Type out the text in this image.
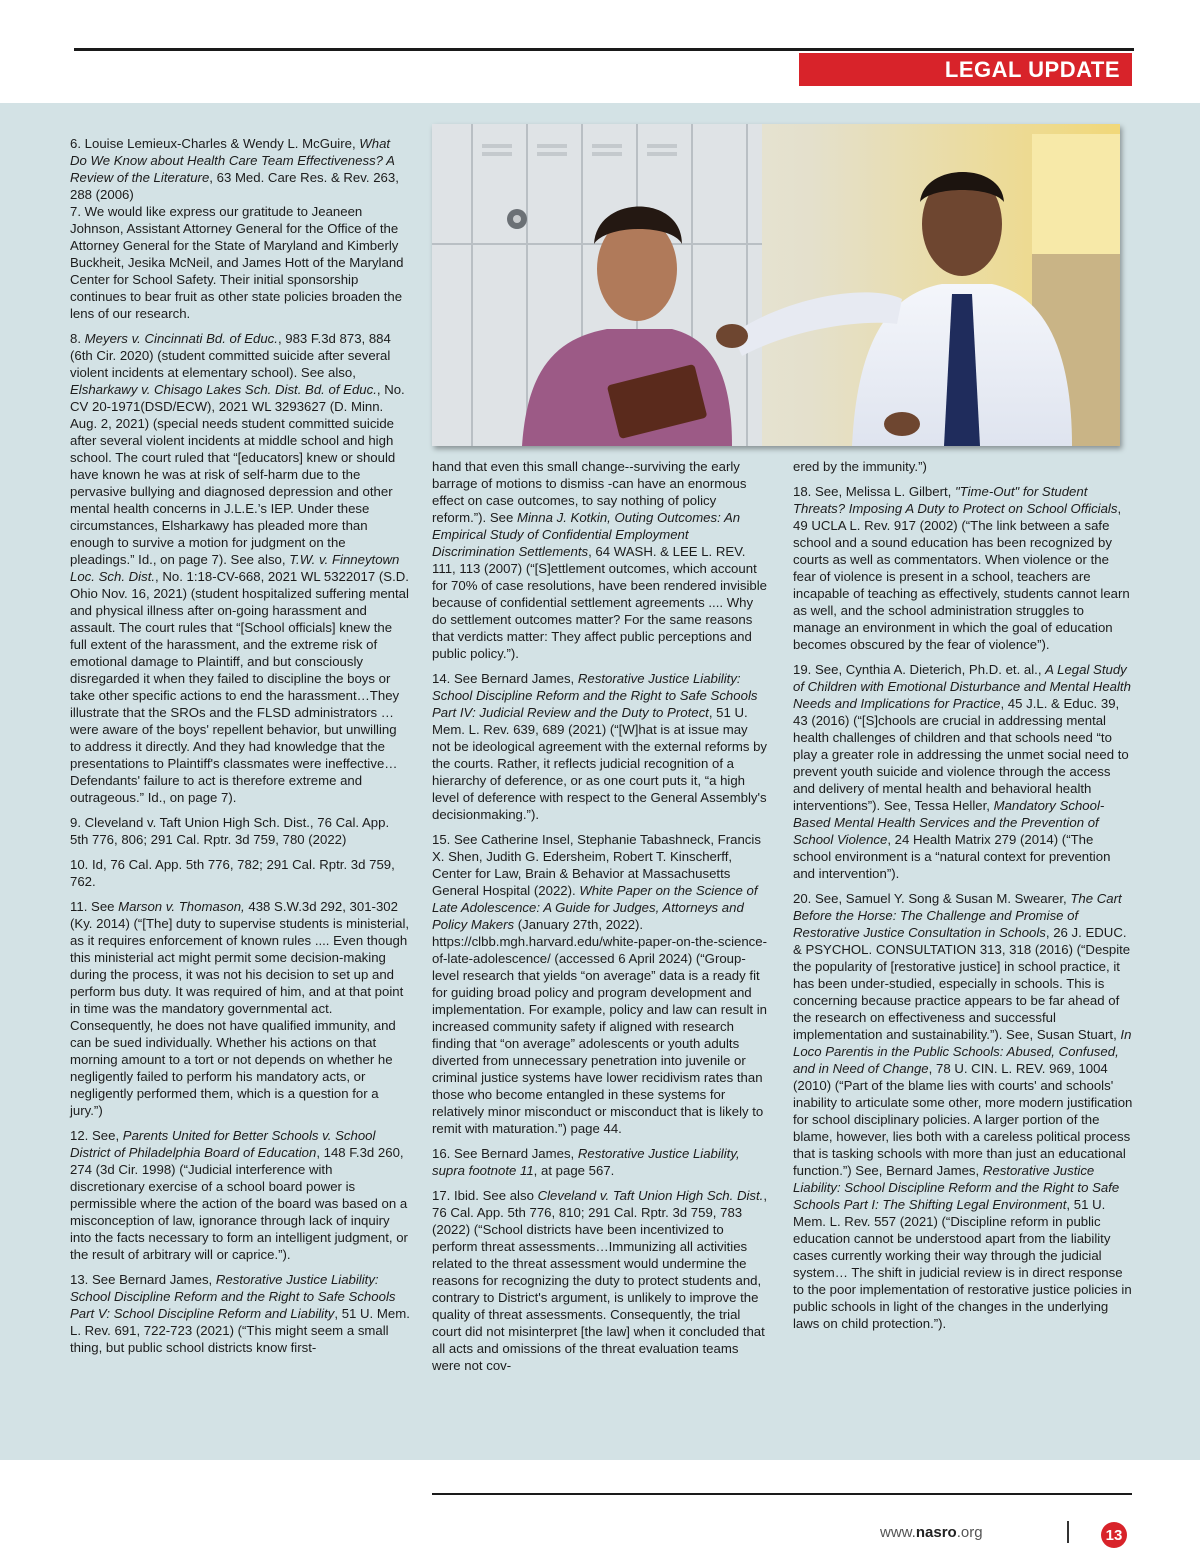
LEGAL UPDATE

6. Louise Lemieux-Charles & Wendy L. McGuire, What Do We Know about Health Care Team Effectiveness? A Review of the Literature, 63 Med. Care Res. & Rev. 263, 288 (2006)
7. We would like express our gratitude to Jeaneen Johnson, Assistant Attorney General for the Office of the Attorney General for the State of Maryland and Kimberly Buckheit, Jesika McNeil, and James Hott of the Maryland Center for School Safety. Their initial sponsorship continues to bear fruit as other state policies broaden the lens of our research.

8. Meyers v. Cincinnati Bd. of Educ., 983 F.3d 873, 884 (6th Cir. 2020) (student committed suicide after several violent incidents at elementary school). See also, Elsharkawy v. Chisago Lakes Sch. Dist. Bd. of Educ., No. CV 20-1971(DSD/ECW), 2021 WL 3293627 (D. Minn. Aug. 2, 2021) (special needs student committed suicide after several violent incidents at middle school and high school. The court ruled that “[educators] knew or should have known he was at risk of self-harm due to the pervasive bullying and diagnosed depression and other mental health concerns in J.L.E.’s IEP. Under these circumstances, Elsharkawy has pleaded more than enough to survive a motion for judgment on the pleadings.” Id., on page 7). See also, T.W. v. Finneytown Loc. Sch. Dist., No. 1:18-CV-668, 2021 WL 5322017 (S.D. Ohio Nov. 16, 2021) (student hospitalized suffering mental and physical illness after on-going harassment and assault. The court rules that “[School officials] knew the full extent of the harassment, and the extreme risk of emotional damage to Plaintiff, and but consciously disregarded it when they failed to discipline the boys or take other specific actions to end the harassment…They illustrate that the SROs and the FLSD administrators … were aware of the boys' repellent behavior, but unwilling to address it directly. And they had knowledge that the presentations to Plaintiff's classmates were ineffective…Defendants' failure to act is therefore extreme and outrageous.” Id., on page 7).

9. Cleveland v. Taft Union High Sch. Dist., 76 Cal. App. 5th 776, 806; 291 Cal. Rptr. 3d 759, 780 (2022)

10. Id, 76 Cal. App. 5th 776, 782; 291 Cal. Rptr. 3d 759, 762.

11. See Marson v. Thomason, 438 S.W.3d 292, 301-302 (Ky. 2014) (“[The] duty to supervise students is ministerial, as it requires enforcement of known rules .... Even though this ministerial act might permit some decision-making during the process, it was not his decision to set up and perform bus duty. It was required of him, and at that point in time was the mandatory governmental act. Consequently, he does not have qualified immunity, and can be sued individually. Whether his actions on that morning amount to a tort or not depends on whether he negligently failed to perform his mandatory acts, or negligently performed them, which is a question for a jury.”)

12. See, Parents United for Better Schools v. School District of Philadelphia Board of Education, 148 F.3d 260, 274 (3d Cir. 1998) (“Judicial interference with discretionary exercise of a school board power is permissible where the action of the board was based on a misconception of law, ignorance through lack of inquiry into the facts necessary to form an intelligent judgment, or the result of arbitrary will or caprice.”).

13. See Bernard James, Restorative Justice Liability: School Discipline Reform and the Right to Safe Schools Part V: School Discipline Reform and Liability, 51 U. Mem. L. Rev. 691, 722-723 (2021) (“This might seem a small thing, but public school districts know first-

hand that even this small change--surviving the early barrage of motions to dismiss -can have an enormous effect on case outcomes, to say nothing of policy reform.”). See Minna J. Kotkin, Outing Outcomes: An Empirical Study of Confidential Employment Discrimination Settlements, 64 WASH. & LEE L. REV. 111, 113 (2007) (“[S]ettlement outcomes, which account for 70% of case resolutions, have been rendered invisible because of confidential settlement agreements .... Why do settlement outcomes matter? For the same reasons that verdicts matter: They affect public perceptions and public policy.”).

14. See Bernard James, Restorative Justice Liability: School Discipline Reform and the Right to Safe Schools Part IV: Judicial Review and the Duty to Protect, 51 U. Mem. L. Rev. 639, 689 (2021) (“[W]hat is at issue may not be ideological agreement with the external reforms by the courts. Rather, it reflects judicial recognition of a hierarchy of deference, or as one court puts it, “a high level of deference with respect to the General Assembly's decisionmaking.”).

15. See Catherine Insel, Stephanie Tabashneck, Francis X. Shen, Judith G. Edersheim, Robert T. Kinscherff, Center for Law, Brain & Behavior at Massachusetts General Hospital (2022). White Paper on the Science of Late Adolescence: A Guide for Judges, Attorneys and Policy Makers (January 27th, 2022). https://clbb.mgh.harvard.edu/white-paper-on-the-science-of-late-adolescence/ (accessed 6 April 2024) (“Group-level research that yields “on average” data is a ready fit for guiding broad policy and program development and implementation. For example, policy and law can result in increased community safety if aligned with research finding that “on average” adolescents or youth adults diverted from unnecessary penetration into juvenile or criminal justice systems have lower recidivism rates than those who become entangled in these systems for relatively minor misconduct or misconduct that is likely to remit with maturation.”) page 44.

16. See Bernard James, Restorative Justice Liability, supra footnote 11, at page 567.

17. Ibid. See also Cleveland v. Taft Union High Sch. Dist., 76 Cal. App. 5th 776, 810; 291 Cal. Rptr. 3d 759, 783 (2022) (“School districts have been incentivized to perform threat assessments…Immunizing all activities related to the threat assessment would undermine the reasons for recognizing the duty to protect students and, contrary to District's argument, is unlikely to improve the quality of threat assessments. Consequently, the trial court did not misinterpret [the law] when it concluded that all acts and omissions of the threat evaluation teams were not cov-

ered by the immunity.”)

18. See, Melissa L. Gilbert, "Time-Out" for Student Threats? Imposing A Duty to Protect on School Officials, 49 UCLA L. Rev. 917 (2002) (“The link between a safe school and a sound education has been recognized by courts as well as commentators. When violence or the fear of violence is present in a school, teachers are incapable of teaching as effectively, students cannot learn as well, and the school administration struggles to manage an environment in which the goal of education becomes obscured by the fear of violence”).

19. See, Cynthia A. Dieterich, Ph.D. et. al., A Legal Study of Children with Emotional Disturbance and Mental Health Needs and Implications for Practice, 45 J.L. & Educ. 39, 43 (2016) (“[S]chools are crucial in addressing mental health challenges of children and that schools need “to play a greater role in addressing the unmet social need to prevent youth suicide and violence through the access and delivery of mental health and behavioral health interventions”). See, Tessa Heller, Mandatory School-Based Mental Health Services and the Prevention of School Violence, 24 Health Matrix 279 (2014) (“The school environment is a “natural context for prevention and intervention”).

20. See, Samuel Y. Song & Susan M. Swearer, The Cart Before the Horse: The Challenge and Promise of Restorative Justice Consultation in Schools, 26 J. EDUC. & PSYCHOL. CONSULTATION 313, 318 (2016) (“Despite the popularity of [restorative justice] in school practice, it has been under-studied, especially in schools. This is concerning because practice appears to be far ahead of the research on effectiveness and successful implementation and sustainability.”). See, Susan Stuart, In Loco Parentis in the Public Schools: Abused, Confused, and in Need of Change, 78 U. CIN. L. REV. 969, 1004 (2010) (“Part of the blame lies with courts' and schools' inability to articulate some other, more modern justification for school disciplinary policies. A larger portion of the blame, however, lies both with a careless political process that is tasking schools with more than just an educational function.”) See, Bernard James, Restorative Justice Liability: School Discipline Reform and the Right to Safe Schools Part I: The Shifting Legal Environment, 51 U. Mem. L. Rev. 557 (2021) (“Discipline reform in public education cannot be understood apart from the liability cases currently working their way through the judicial system… The shift in judicial review is in direct response to the poor implementation of restorative justice policies in public schools in light of the changes in the underlying laws on child protection.”).

www.nasro.org	13
